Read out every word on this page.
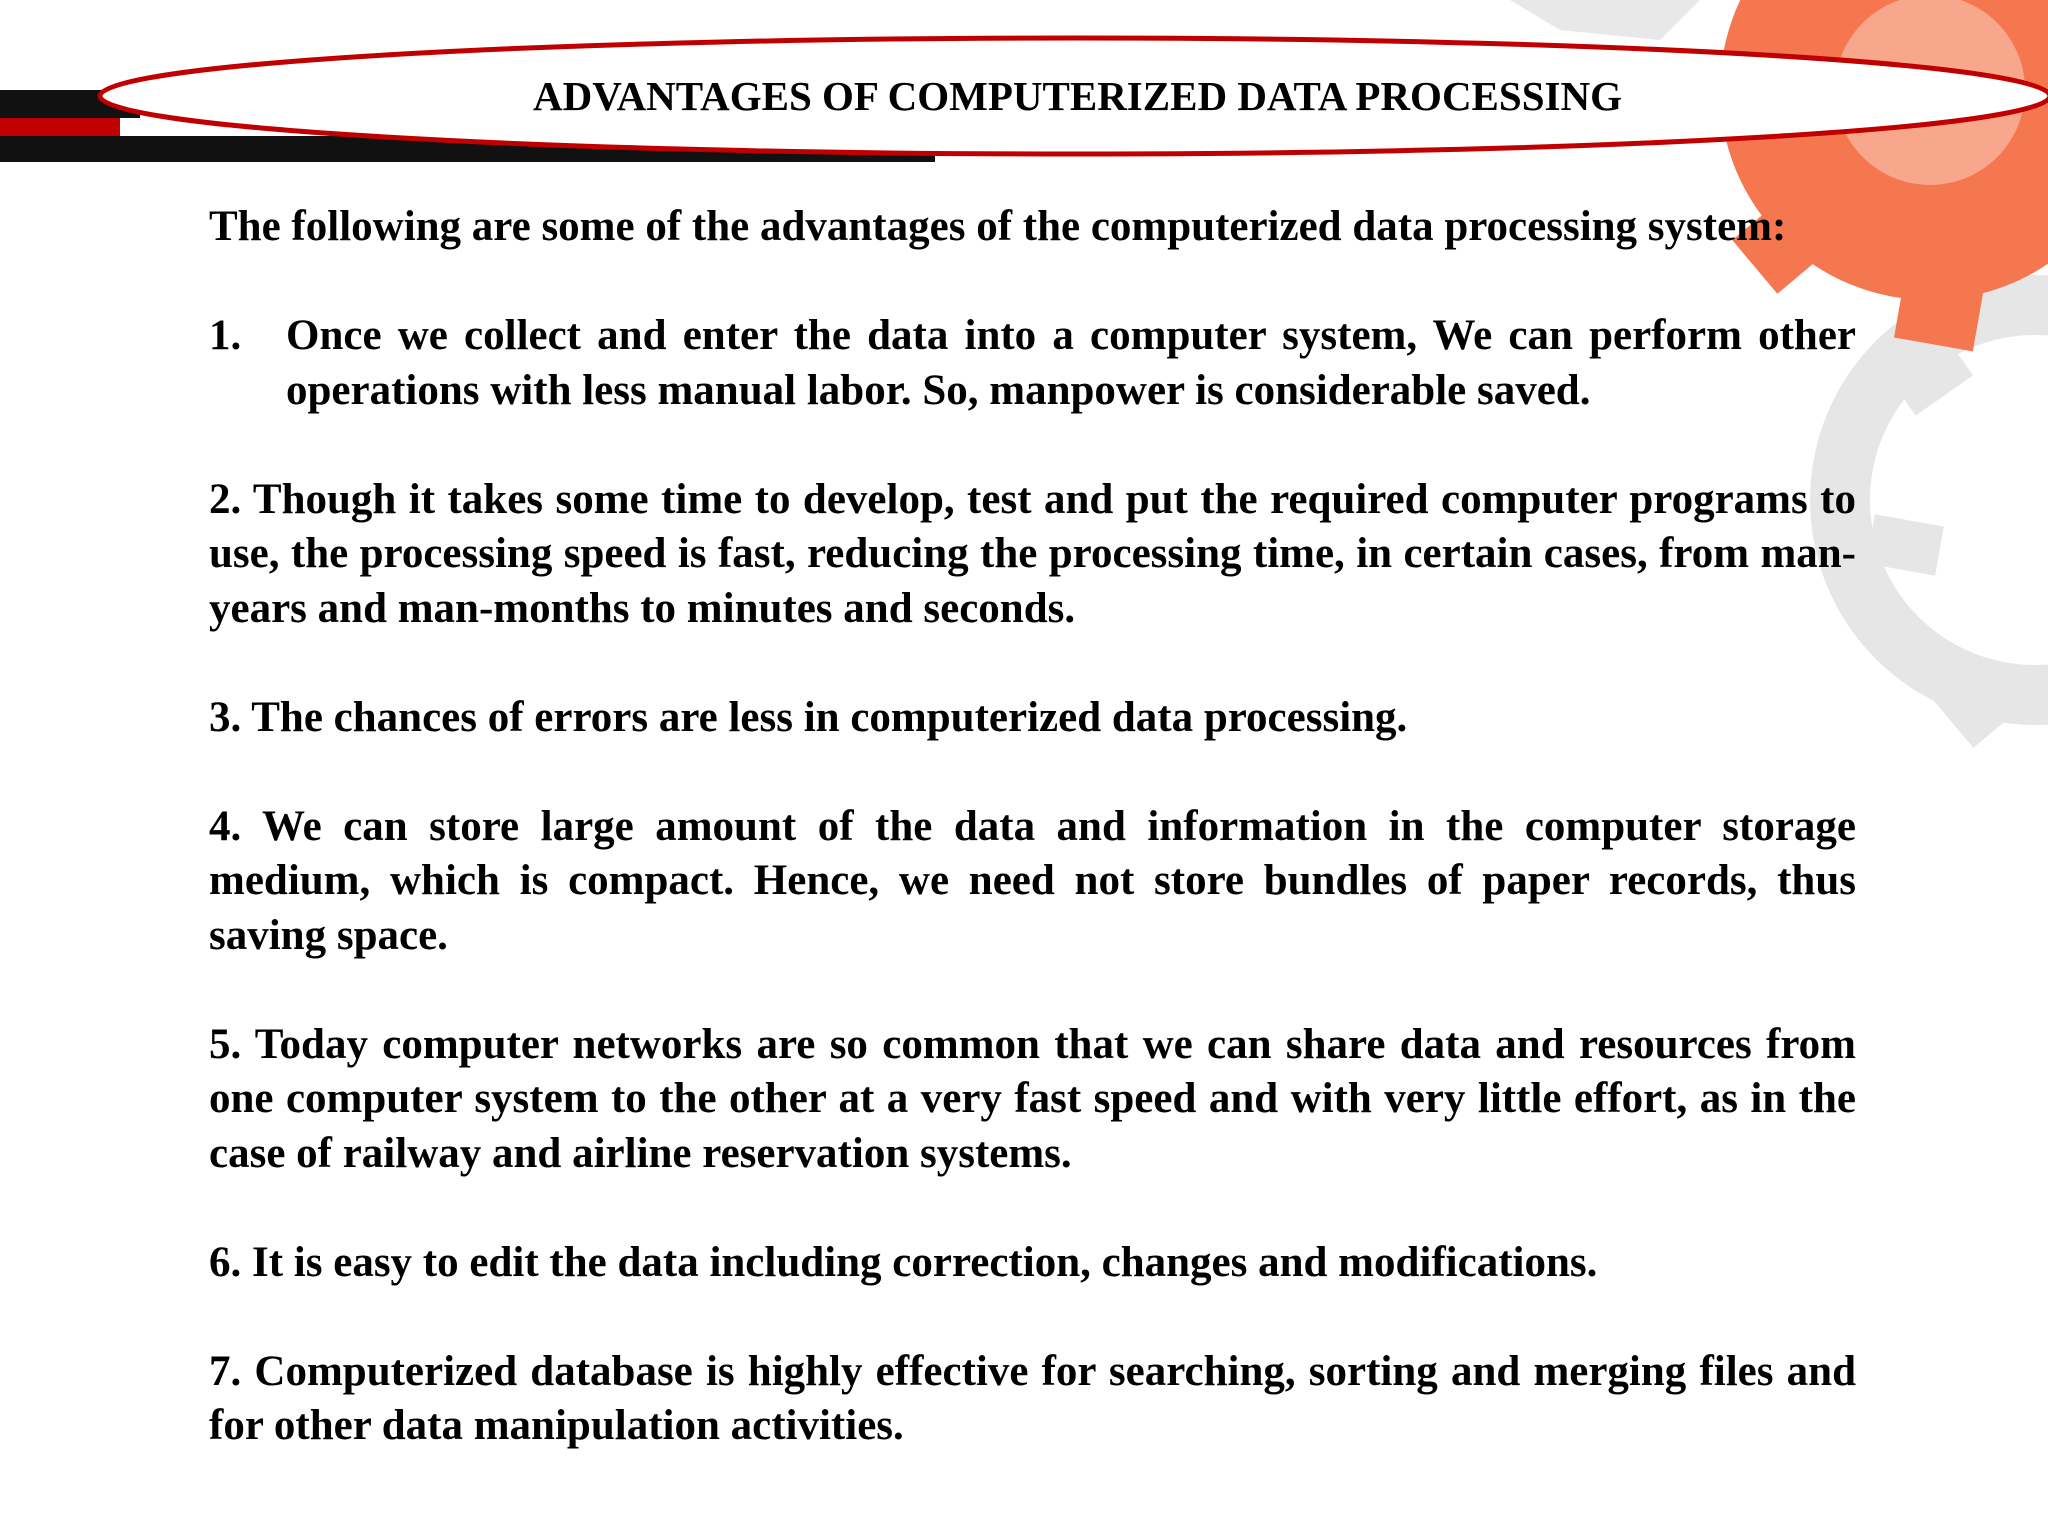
ADVANTAGES OF COMPUTERIZED DATA PROCESSING

The following are some of the advantages of the computerized data processing system:

1.	Once we collect and enter the data into a computer system, We can perform other operations with less manual labor. So, manpower is considerable saved.

2. Though it takes some time to develop, test and put the required computer programs to use, the processing speed is fast, reducing the processing time, in certain cases, from man-years and man-months to minutes and seconds.

3. The chances of errors are less in computerized data processing.

4. We can store large amount of the data and information in the computer storage medium, which is compact. Hence, we need not store bundles of paper records, thus saving space.

5. Today computer networks are so common that we can share data and resources from one computer system to the other at a very fast speed and with very little effort, as in the case of railway and airline reservation systems.

6. It is easy to edit the data including correction, changes and modifications.

7. Computerized database is highly effective for searching, sorting and merging files and for other data manipulation activities.
